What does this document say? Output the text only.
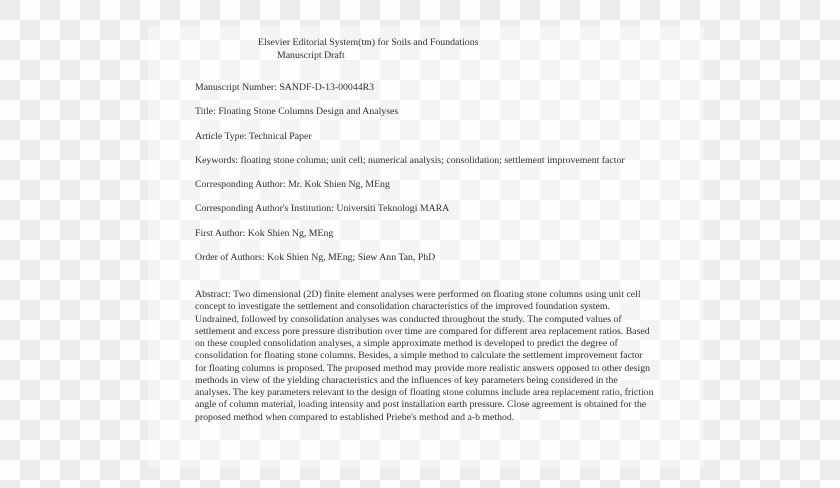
Elsevier Editorial System(tm) for Soils and Foundations
Manuscript Draft
Manuscript Number: SANDF-D-13-00044R3
Title: Floating Stone Columns Design and Analyses
Article Type: Technical Paper
Keywords: floating stone column; unit cell; numerical analysis; consolidation; settlement improvement factor
Corresponding Author: Mr. Kok Shien Ng, MEng
Corresponding Author's Institution: Universiti Teknologi MARA
First Author: Kok Shien Ng, MEng
Order of Authors: Kok Shien Ng, MEng; Siew Ann Tan, PhD
Abstract: Two dimensional (2D) finite element analyses were performed on floating stone columns using unit cell concept to investigate the settlement and consolidation characteristics of the improved foundation system. Undrained, followed by consolidation analyses was conducted throughout the study. The computed values of settlement and excess pore pressure distribution over time are compared for different area replacement ratios. Based on these coupled consolidation analyses, a simple approximate method is developed to predict the degree of consolidation for floating stone columns. Besides, a simple method to calculate the settlement improvement factor for floating columns is proposed. The proposed method may provide more realistic answers opposed to other design methods in view of the yielding characteristics and the influences of key parameters being considered in the analyses. The key parameters relevant to the design of floating stone columns include area replacement ratio, friction angle of column material, loading intensity and post installation earth pressure. Close agreement is obtained for the proposed method when compared to established Priebe's method and a-b method.
